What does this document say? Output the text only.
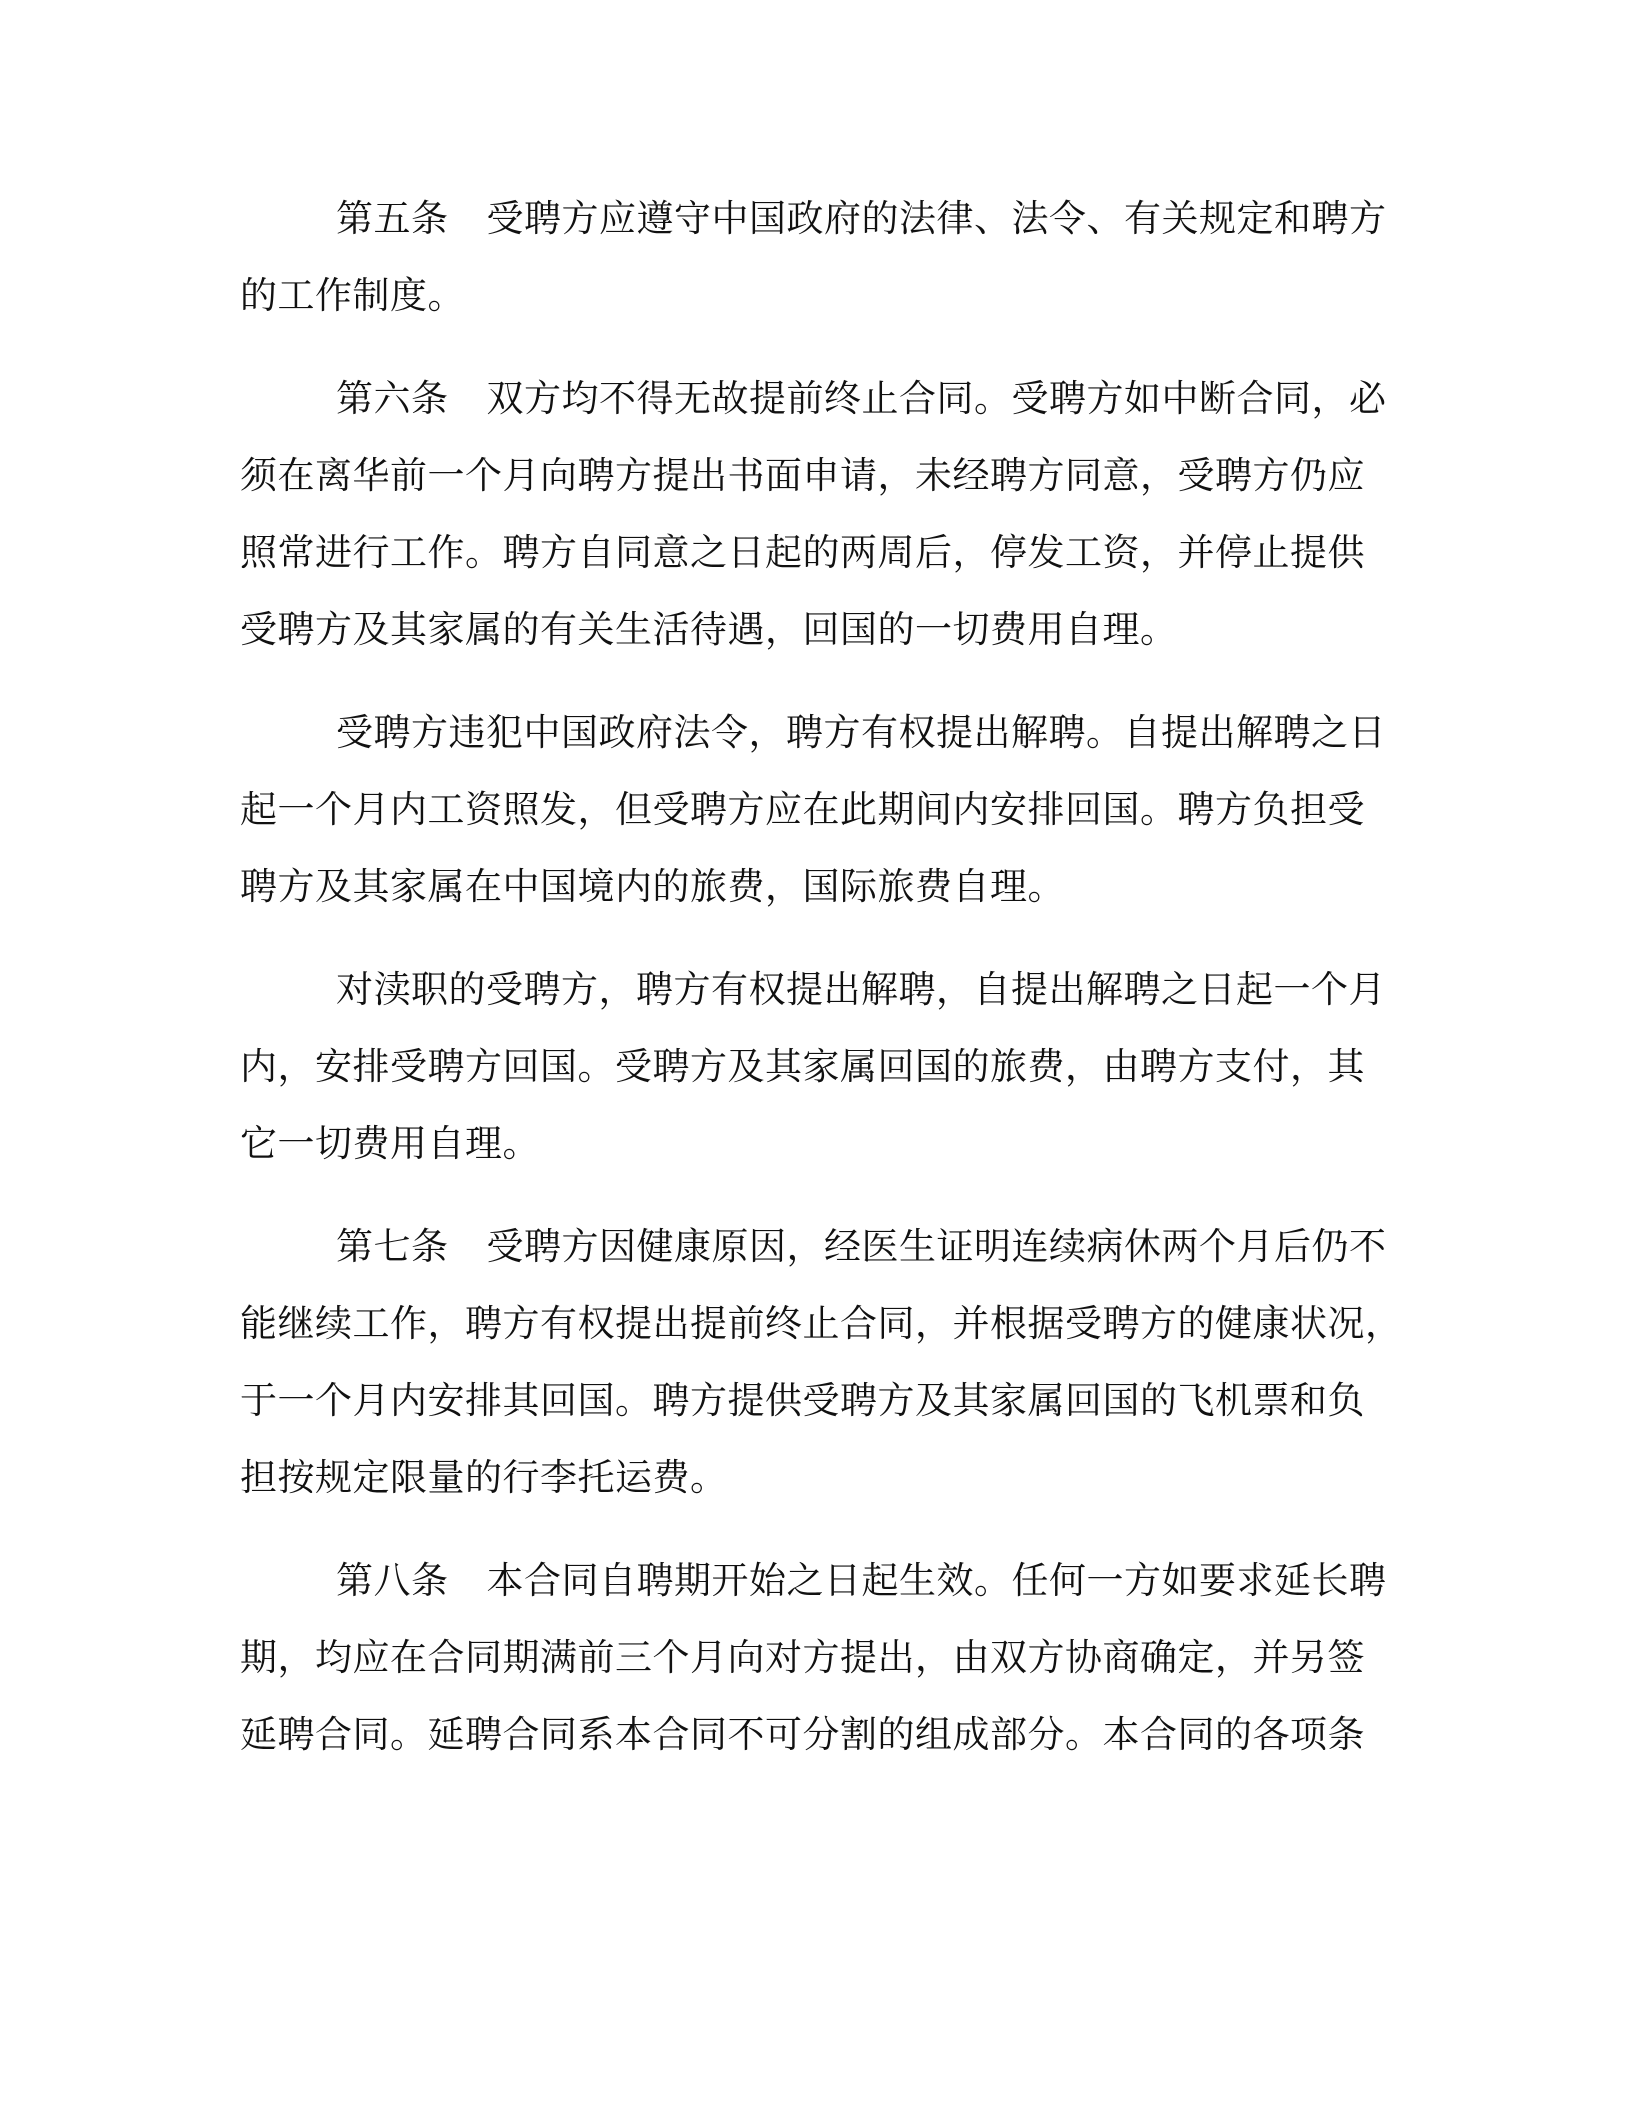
第五条 受聘方应遵守中国政府的法律、法令、有关规定和聘方
的工作制度。
第六条 双方均不得无故提前终止合同。受聘方如中断合同，必
须在离华前一个月向聘方提出书面申请，未经聘方同意，受聘方仍应
照常进行工作。聘方自同意之日起的两周后，停发工资，并停止提供
受聘方及其家属的有关生活待遇，回国的一切费用自理。
受聘方违犯中国政府法令，聘方有权提出解聘。自提出解聘之日
起一个月内工资照发，但受聘方应在此期间内安排回国。聘方负担受
聘方及其家属在中国境内的旅费，国际旅费自理。
对渎职的受聘方，聘方有权提出解聘，自提出解聘之日起一个月
内，安排受聘方回国。受聘方及其家属回国的旅费，由聘方支付，其
它一切费用自理。
第七条 受聘方因健康原因，经医生证明连续病休两个月后仍不
能继续工作，聘方有权提出提前终止合同，并根据受聘方的健康状况，
于一个月内安排其回国。聘方提供受聘方及其家属回国的飞机票和负
担按规定限量的行李托运费。
第八条 本合同自聘期开始之日起生效。任何一方如要求延长聘
期，均应在合同期满前三个月向对方提出，由双方协商确定，并另签
延聘合同。延聘合同系本合同不可分割的组成部分。本合同的各项条
